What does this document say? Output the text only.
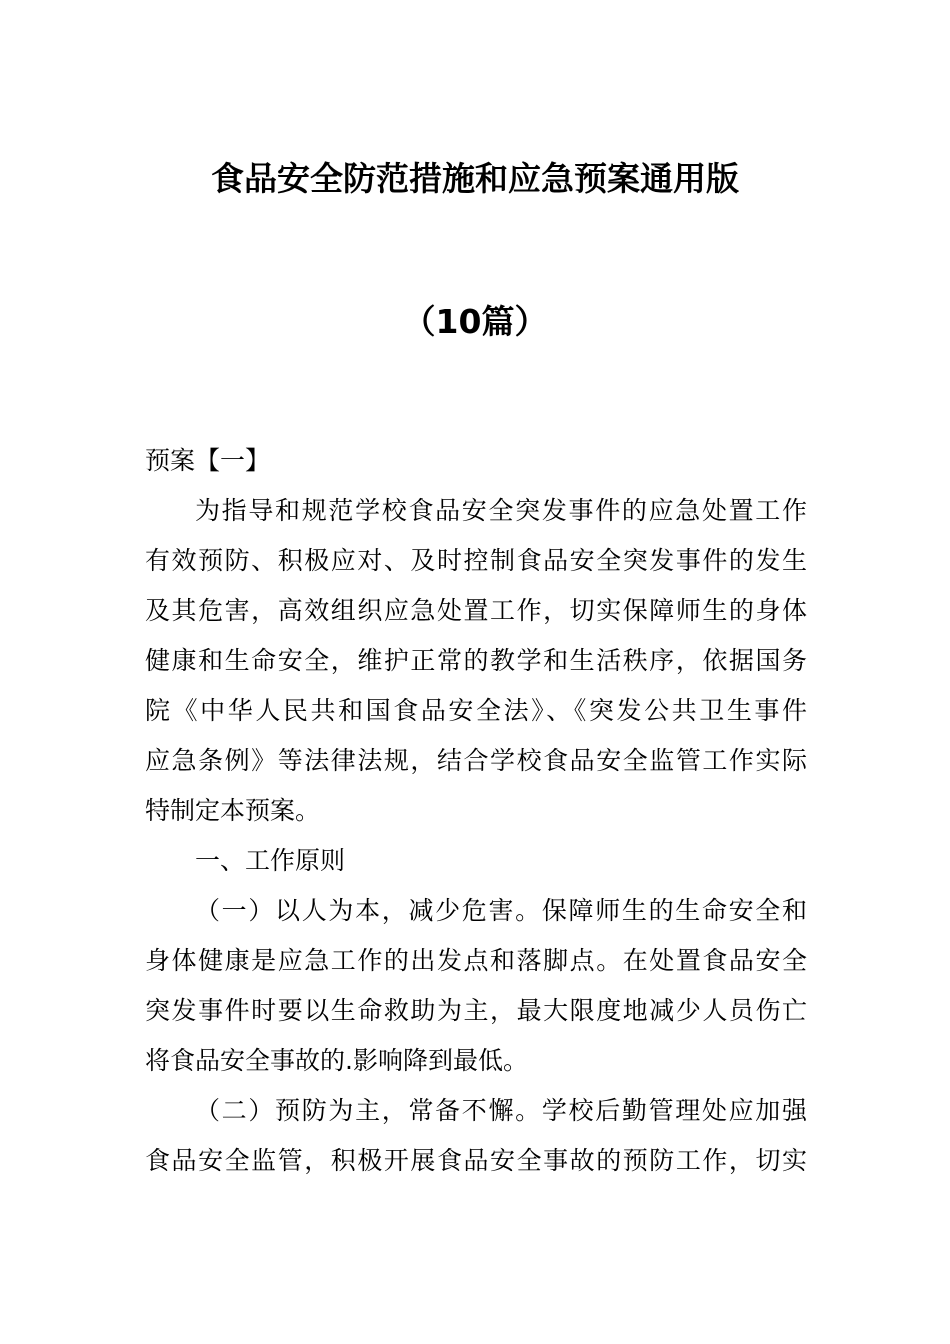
食品安全防范措施和应急预案通用版
（10篇）

预案【一】

为指导和规范学校食品安全突发事件的应急处置工作

有效预防、积极应对、及时控制食品安全突发事件的发生

及其危害，高效组织应急处置工作，切实保障师生的身体

健康和生命安全，维护正常的教学和生活秩序，依据国务

院《中华人民共和国食品安全法》、《突发公共卫生事件

应急条例》等法律法规，结合学校食品安全监管工作实际

特制定本预案。

一、工作原则

（一）以人为本，减少危害。保障师生的生命安全和

身体健康是应急工作的出发点和落脚点。在处置食品安全

突发事件时要以生命救助为主，最大限度地减少人员伤亡

将食品安全事故的.影响降到最低。

（二）预防为主，常备不懈。学校后勤管理处应加强

食品安全监管，积极开展食品安全事故的预防工作，切实
